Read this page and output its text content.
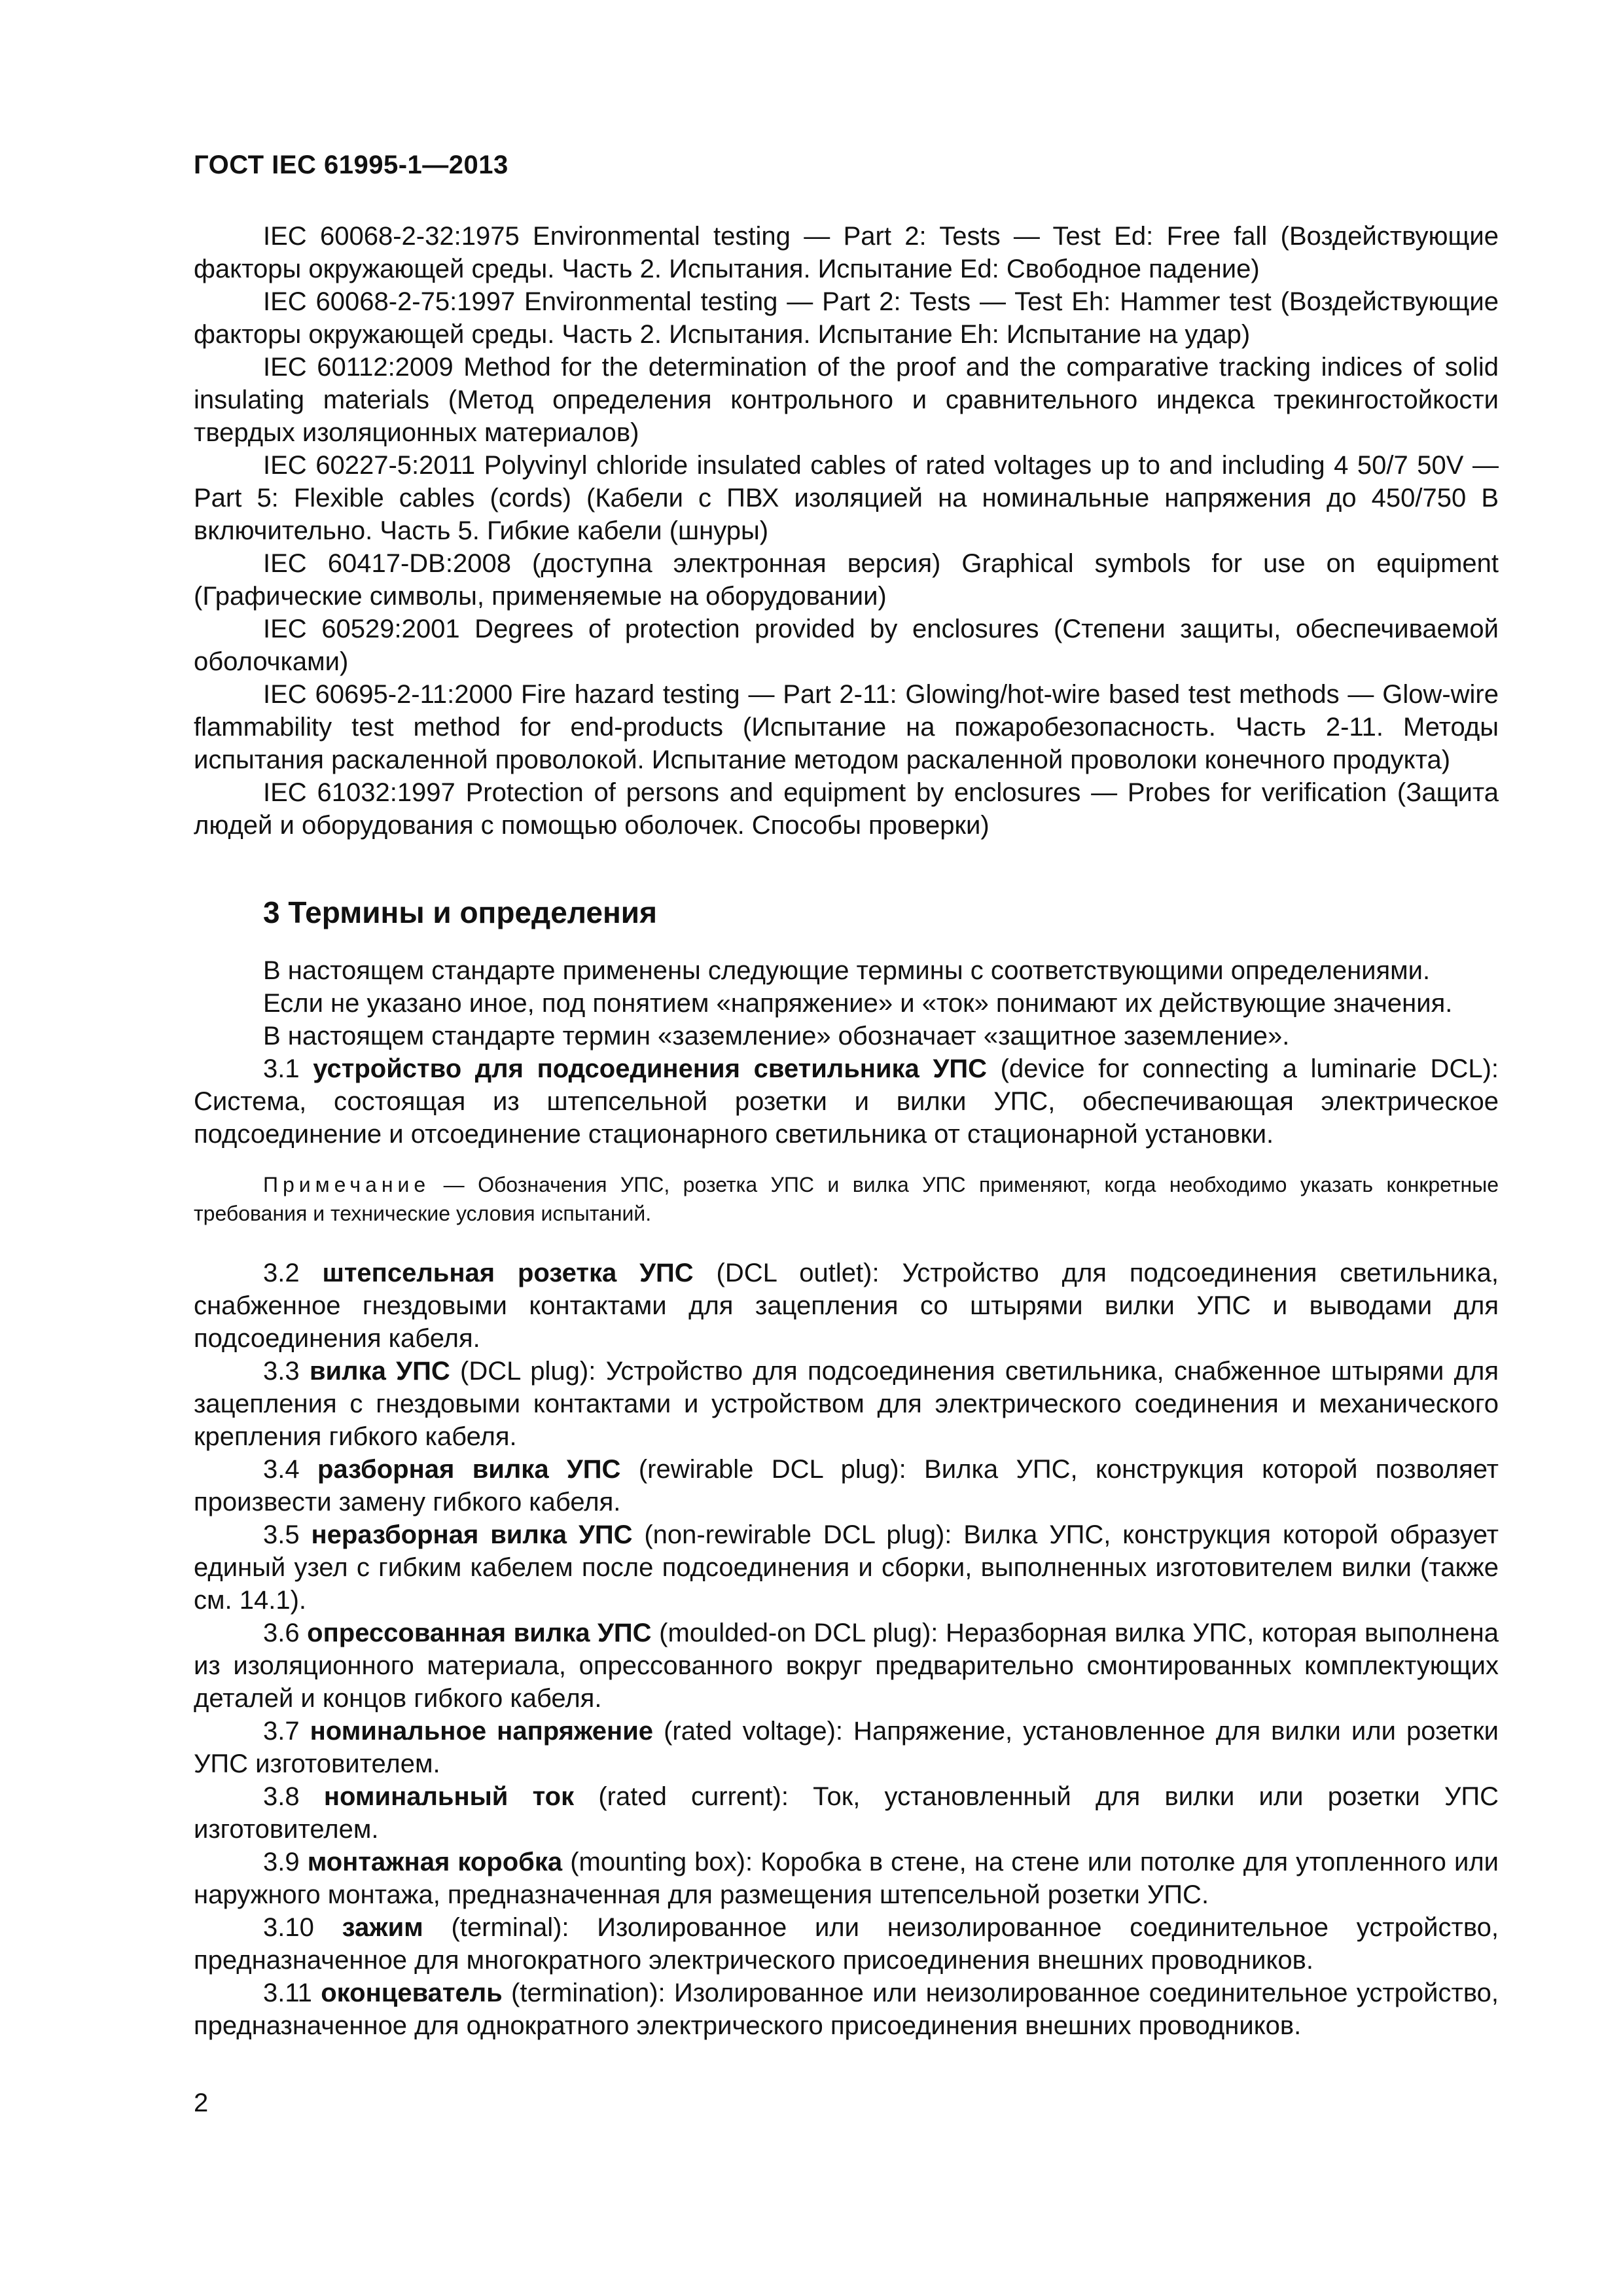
ГОСТ IEC 61995-1—2013

IEC 60068-2-32:1975 Environmental testing — Part 2: Tests — Test Ed: Free fall (Воздействующие факторы окружающей среды. Часть 2. Испытания. Испытание Ed: Свободное падение)

IEC 60068-2-75:1997 Environmental testing — Part 2: Tests — Test Eh: Hammer test (Воздействующие факторы окружающей среды. Часть 2. Испытания. Испытание Eh: Испытание на удар)

IEC 60112:2009 Method for the determination of the proof and the comparative tracking indices of solid insulating materials (Метод определения контрольного и сравнительного индекса трекингостойкости твердых изоляционных материалов)

IEC 60227-5:2011 Polyvinyl chloride insulated cables of rated voltages up to and including 4 50/7 50V — Part 5: Flexible cables (cords) (Кабели с ПВХ изоляцией на номинальные напряжения до 450/750 В включительно. Часть 5. Гибкие кабели (шнуры)

IEC 60417-DB:2008 (доступна электронная версия) Graphical symbols for use on equipment (Графические символы, применяемые на оборудовании)

IEC 60529:2001 Degrees of protection provided by enclosures (Степени защиты, обеспечиваемой оболочками)

IEC 60695-2-11:2000 Fire hazard testing — Part 2-11: Glowing/hot-wire based test methods — Glow-wire flammability test method for end-products (Испытание на пожаробезопасность. Часть 2-11. Методы испытания раскаленной проволокой. Испытание методом раскаленной проволоки конечного продукта)

IEC 61032:1997 Protection of persons and equipment by enclosures — Probes for verification (Защита людей и оборудования с помощью оболочек. Способы проверки)

3 Термины и определения

В настоящем стандарте применены следующие термины с соответствующими определениями.

Если не указано иное, под понятием «напряжение» и «ток» понимают их действующие значения.

В настоящем стандарте термин «заземление» обозначает «защитное заземление».

3.1 устройство для подсоединения светильника УПС (device for connecting a luminarie DCL): Система, состоящая из штепсельной розетки и вилки УПС, обеспечивающая электрическое подсоединение и отсоединение стационарного светильника от стационарной установки.

Примечание — Обозначения УПС, розетка УПС и вилка УПС применяют, когда необходимо указать конкретные требования и технические условия испытаний.

3.2 штепсельная розетка УПС (DCL outlet): Устройство для подсоединения светильника, снабженное гнездовыми контактами для зацепления со штырями вилки УПС и выводами для подсоединения кабеля.

3.3 вилка УПС (DCL plug): Устройство для подсоединения светильника, снабженное штырями для зацепления с гнездовыми контактами и устройством для электрического соединения и механического крепления гибкого кабеля.

3.4 разборная вилка УПС (rewirable DCL plug): Вилка УПС, конструкция которой позволяет произвести замену гибкого кабеля.

3.5 неразборная вилка УПС (non-rewirable DCL plug): Вилка УПС, конструкция которой образует единый узел с гибким кабелем после подсоединения и сборки, выполненных изготовителем вилки (также см. 14.1).

3.6 опрессованная вилка УПС (moulded-on DCL plug): Неразборная вилка УПС, которая выполнена из изоляционного материала, опрессованного вокруг предварительно смонтированных комплектующих деталей и концов гибкого кабеля.

3.7 номинальное напряжение (rated voltage): Напряжение, установленное для вилки или розетки УПС изготовителем.

3.8 номинальный ток (rated current): Ток, установленный для вилки или розетки УПС изготовителем.

3.9 монтажная коробка (mounting box): Коробка в стене, на стене или потолке для утопленного или наружного монтажа, предназначенная для размещения штепсельной розетки УПС.

3.10 зажим (terminal): Изолированное или неизолированное соединительное устройство, предназначенное для многократного электрического присоединения внешних проводников.

3.11 оконцеватель (termination): Изолированное или неизолированное соединительное устройство, предназначенное для однократного электрического присоединения внешних проводников.

2
